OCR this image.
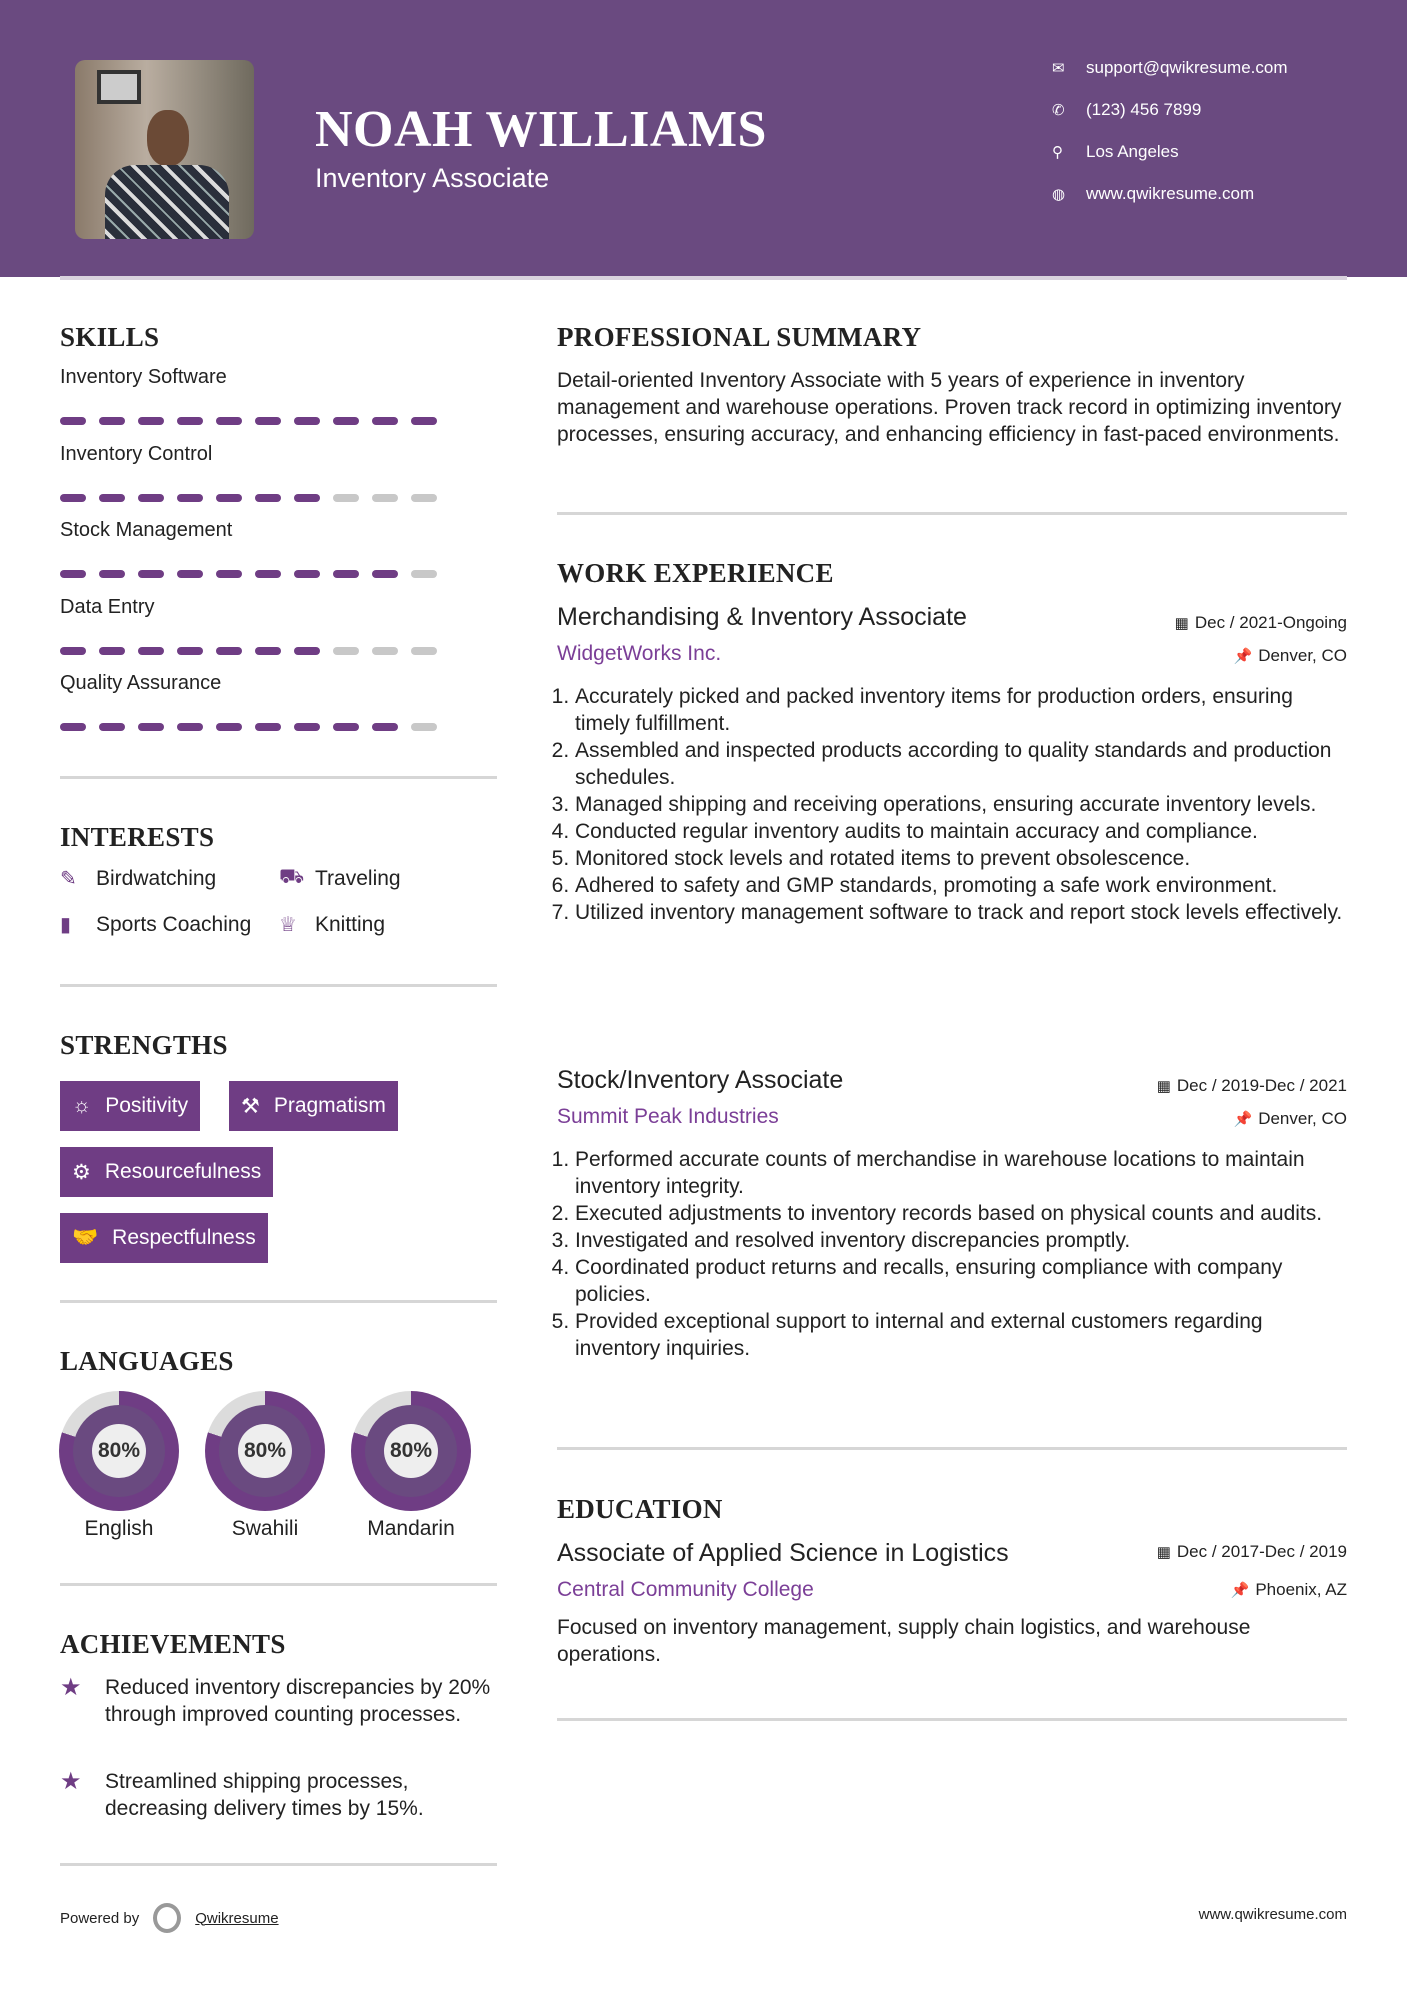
NOAH WILLIAMS
Inventory Associate
✉	support@qwikresume.com
✆	(123) 456 7899
⚲	Los Angeles
◍	www.qwikresume.com
SKILLS
Inventory Software
Inventory Control
Stock Management
Data Entry
Quality Assurance
INTERESTS
✎ Birdwatching	⛟ Traveling
▮	Sports Coaching ♕ Knitting
STRENGTHS
☼ Positivity	⚒ Pragmatism
⚙ Resourcefulness
🤝 Respectfulness
LANGUAGES
80%
English
80%
Swahili
80%
Mandarin
ACHIEVEMENTS
★	Reduced inventory discrepancies by 20% through improved counting processes.
★	Streamlined shipping processes, decreasing delivery times by 15%.
PROFESSIONAL SUMMARY
Detail-oriented Inventory Associate with 5 years of experience in inventory management and warehouse operations. Proven track record in optimizing inventory processes, ensuring accuracy, and enhancing efficiency in fast-paced environments.
WORK EXPERIENCE
Merchandising & Inventory Associate	▦ Dec / 2021-Ongoing
WidgetWorks Inc.	📌 Denver, CO
1. Accurately picked and packed inventory items for production orders, ensuring timely fulfillment.
2. Assembled and inspected products according to quality standards and production schedules.
3. Managed shipping and receiving operations, ensuring accurate inventory levels.
4. Conducted regular inventory audits to maintain accuracy and compliance.
5. Monitored stock levels and rotated items to prevent obsolescence.
6. Adhered to safety and GMP standards, promoting a safe work environment.
7. Utilized inventory management software to track and report stock levels effectively.
Stock/Inventory Associate	▦ Dec / 2019-Dec / 2021
Summit Peak Industries	📌 Denver, CO
1. Performed accurate counts of merchandise in warehouse locations to maintain inventory integrity.
2. Executed adjustments to inventory records based on physical counts and audits.
3. Investigated and resolved inventory discrepancies promptly.
4. Coordinated product returns and recalls, ensuring compliance with company policies.
5. Provided exceptional support to internal and external customers regarding inventory inquiries.
EDUCATION
Associate of Applied Science in Logistics	▦ Dec / 2017-Dec / 2019
Central Community College	📌 Phoenix, AZ
Focused on inventory management, supply chain logistics, and warehouse operations.
Powered by	Qwikresume	www.qwikresume.com
